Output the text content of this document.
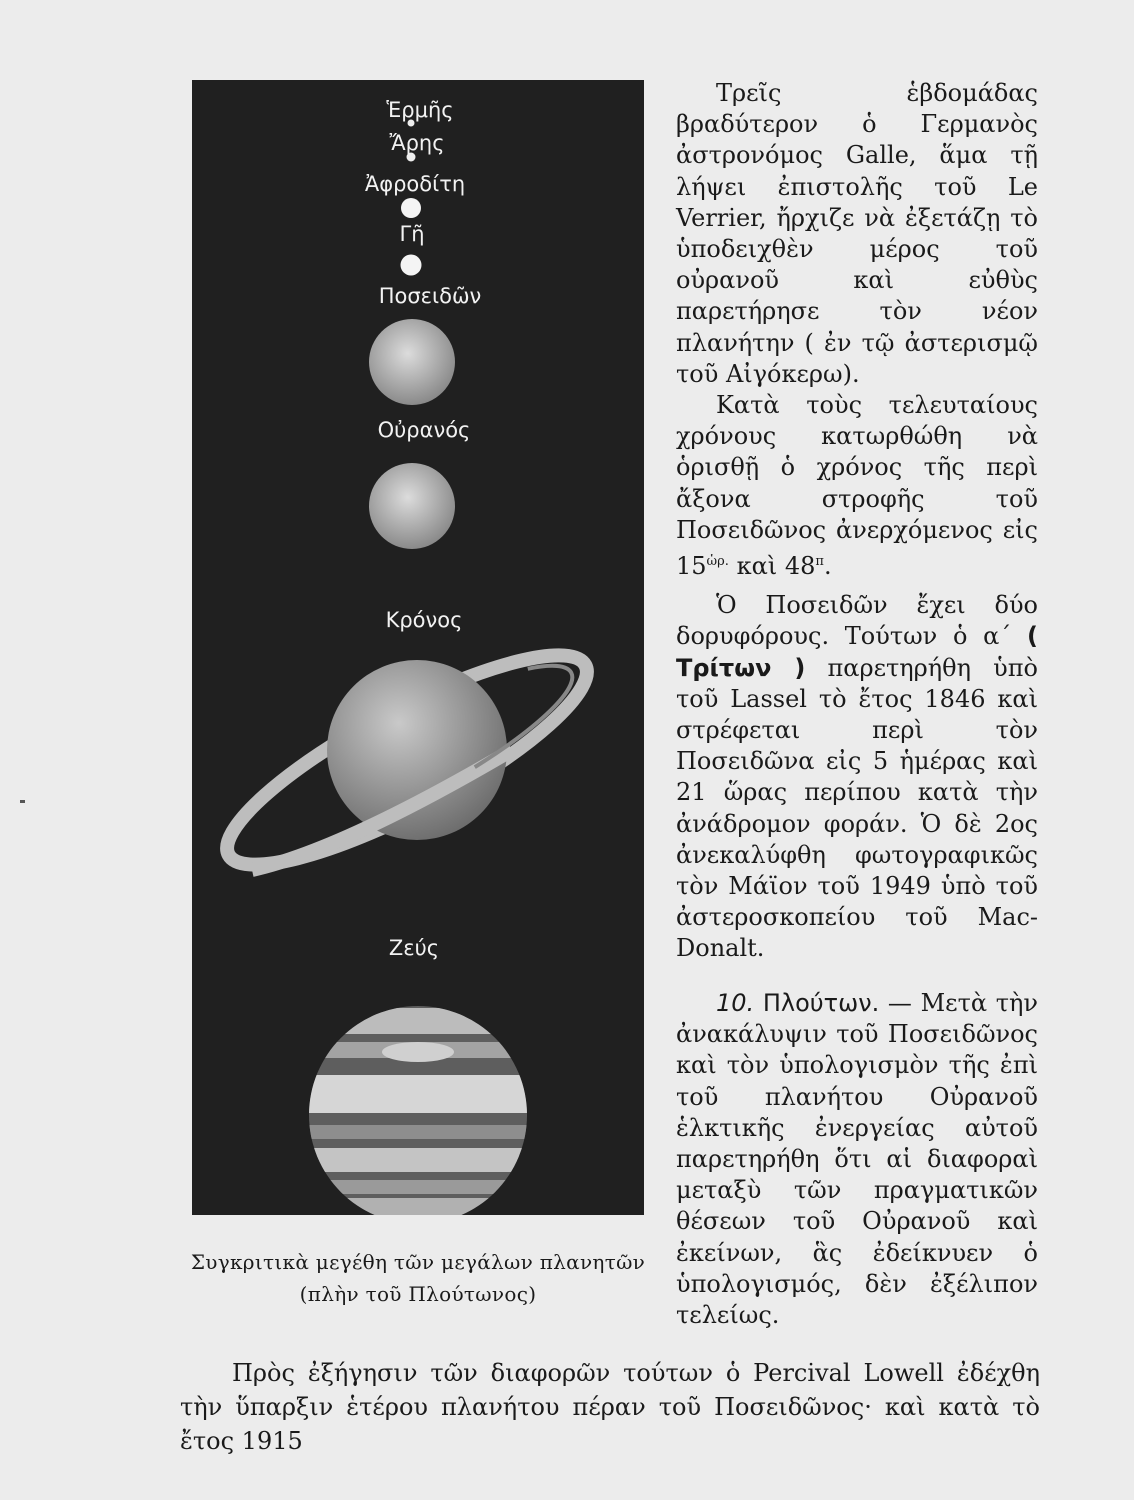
Ἑρμῆς
Ἄρης
Ἀφροδίτη
Γῆ
Ποσειδῶν
Οὐρανός
Κρόνος
Ζεύς
Συγκριτικὰ μεγέθη τῶν μεγάλων πλανητῶν
(πλὴν τοῦ Πλούτωνος)

Τρεῖς ἑβδομάδας βραδύτερον ὁ Γερμανὸς ἀστρονόμος Galle, ἅμα τῇ λήψει ἐπιστολῆς τοῦ Le Verrier, ἤρχιζε νὰ ἐξετάζῃ τὸ ὑποδειχθὲν μέρος τοῦ οὐρανοῦ καὶ εὐθὺς παρετήρησε τὸν νέον πλανήτην ( ἐν τῷ ἀστερισμῷ τοῦ Αἰγόκερω).

Κατὰ τοὺς τελευταίους χρόνους κατωρθώθη νὰ ὁρισθῇ ὁ χρόνος τῆς περὶ ἄξονα στροφῆς τοῦ Ποσειδῶνος ἀνερχόμενος εἰς $15^{ὡ\rho.}$ καὶ $48^\pi$.

Ὁ Ποσειδῶν ἔχει δύο δορυφόρους. Τούτων ὁ α΄ ( Τρίτων ) παρετηρήθη ὑπὸ τοῦ Lassel τὸ ἔτος 1846 καὶ στρέφεται περὶ τὸν Ποσειδῶνα εἰς 5 ἡμέρας καὶ 21 ὥρας περίπου κατὰ τὴν ἀνάδρομον φοράν. Ὁ δὲ 2ος ἀνεκαλύφθη φωτογραφικῶς τὸν Μάϊον τοῦ 1949 ὑπὸ τοῦ ἀστεροσκοπείου τοῦ Mac-Donalt.

10. Πλούτων. — Μετὰ τὴν ἀνακάλυψιν τοῦ Ποσειδῶνος καὶ τὸν ὑπολογισμὸν τῆς ἐπὶ τοῦ πλανήτου Οὐρανοῦ ἑλκτικῆς ἐνεργείας αὐτοῦ παρετηρήθη ὅτι αἱ διαφοραὶ μεταξὺ τῶν πραγματικῶν θέσεων τοῦ Οὐρανοῦ καὶ ἐκείνων, ἃς ἐδείκνυεν ὁ ὑπολογισμός, δὲν ἐξέλιπον τελείως.

Πρὸς ἐξήγησιν τῶν διαφορῶν τούτων ὁ Percival Lowell ἐδέχθη τὴν ὕπαρξιν ἑτέρου πλανήτου πέραν τοῦ Ποσειδῶνος· καὶ κατὰ τὸ ἔτος 1915
